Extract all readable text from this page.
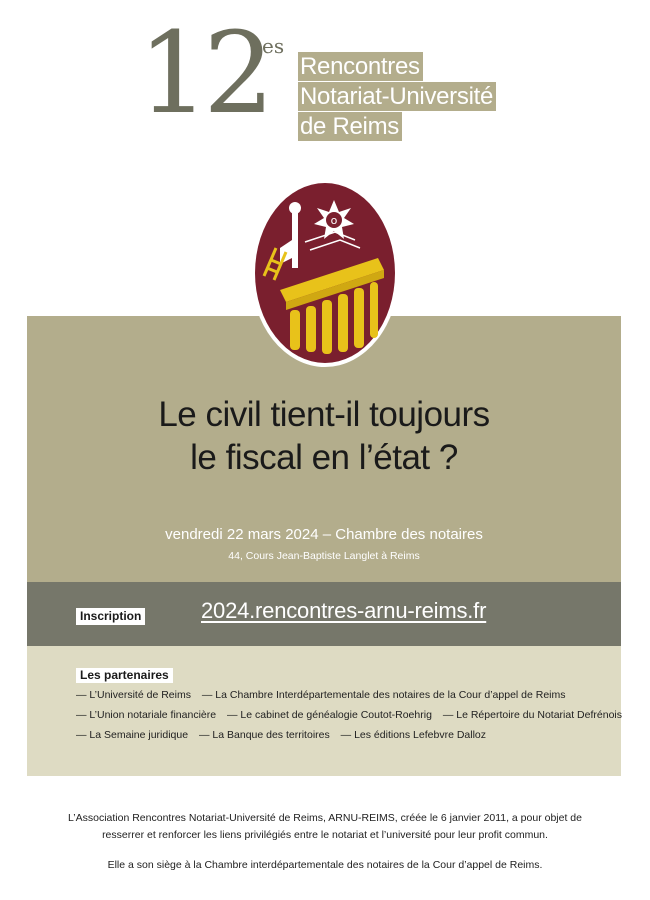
12
es
Rencontres
Notariat-Université
de Reims
o
Le civil tient-il toujours
le fiscal en l’état ?
vendredi 22 mars 2024 – Chambre des notaires
44, Cours Jean-Baptiste Langlet à Reims
Inscription	2024.rencontres-arnu-reims.fr
Les partenaires
— L’Université de Reims — La Chambre Interdépartementale des notaires de la Cour d’appel de Reims
— L’Union notariale financière — Le cabinet de généalogie Coutot-Roehrig — Le Répertoire du Notariat Defrénois
— La Semaine juridique — La Banque des territoires — Les éditions Lefebvre Dalloz
L’Association Rencontres Notariat-Université de Reims, ARNU-REIMS, créée le 6 janvier 2011, a pour objet de
resserrer et renforcer les liens privilégiés entre le notariat et l’université pour leur profit commun.
Elle a son siège à la Chambre interdépartementale des notaires de la Cour d’appel de Reims.
